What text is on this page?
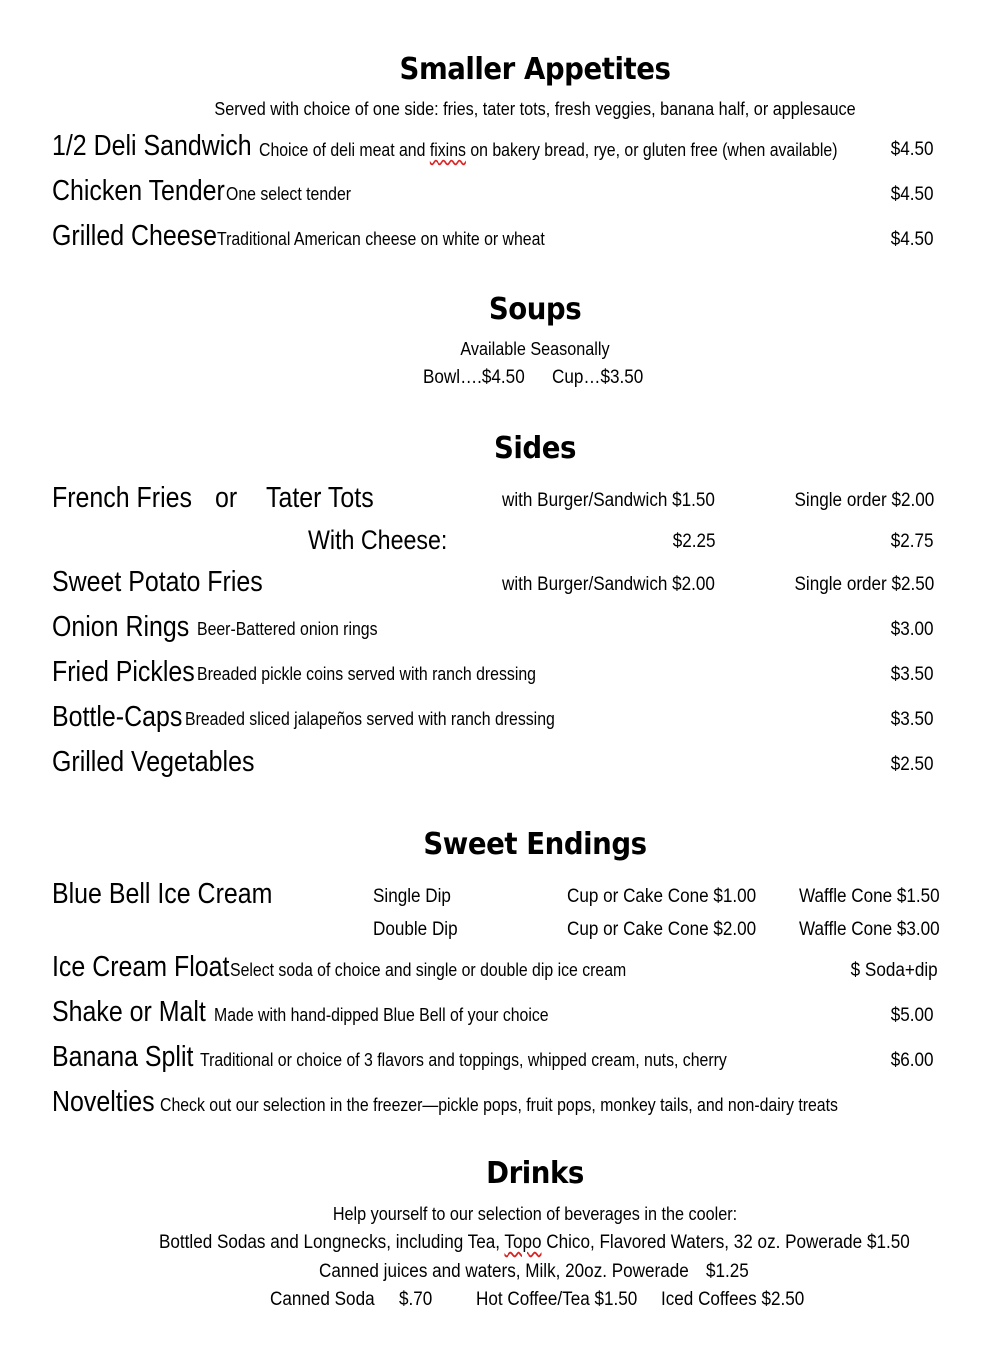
Smaller Appetites
Served with choice of one side: fries, tater tots, fresh veggies, banana half, or applesauce
1/2 Deli Sandwich Choice of deli meat and fixins on bakery bread, rye, or gluten free (when available)	$4.50
Chicken Tender One select tender	$4.50
Grilled Cheese Traditional American cheese on white or wheat	$4.50
Soups
Available Seasonally
Bowl….$4.50 Cup…$3.50
Sides
French Fries or Tater Tots	with Burger/Sandwich $1.50	Single order $2.00
With Cheese:	$2.25	$2.75
Sweet Potato Fries	with Burger/Sandwich $2.00	Single order $2.50
Onion Rings Beer-Battered onion rings	$3.00
Fried Pickles Breaded pickle coins served with ranch dressing	$3.50
Bottle-Caps Breaded sliced jalapeños served with ranch dressing	$3.50
Grilled Vegetables	$2.50
Sweet Endings
Blue Bell Ice Cream	Single Dip	Cup or Cake Cone $1.00 Waffle Cone $1.50
Double Dip	Cup or Cake Cone $2.00 Waffle Cone $3.00
Ice Cream Float Select soda of choice and single or double dip ice cream	$ Soda+dip
Shake or Malt Made with hand-dipped Blue Bell of your choice	$5.00
Banana Split Traditional or choice of 3 flavors and toppings, whipped cream, nuts, cherry	$6.00
Novelties Check out our selection in the freezer—pickle pops, fruit pops, monkey tails, and non-dairy treats
Drinks
Help yourself to our selection of beverages in the cooler:
Bottled Sodas and Longnecks, including Tea, Topo Chico, Flavored Waters, 32 oz. Powerade $1.50
Canned juices and waters, Milk, 20oz. Powerade $1.25
Canned Soda $.70 Hot Coffee/Tea $1.50 Iced Coffees $2.50
